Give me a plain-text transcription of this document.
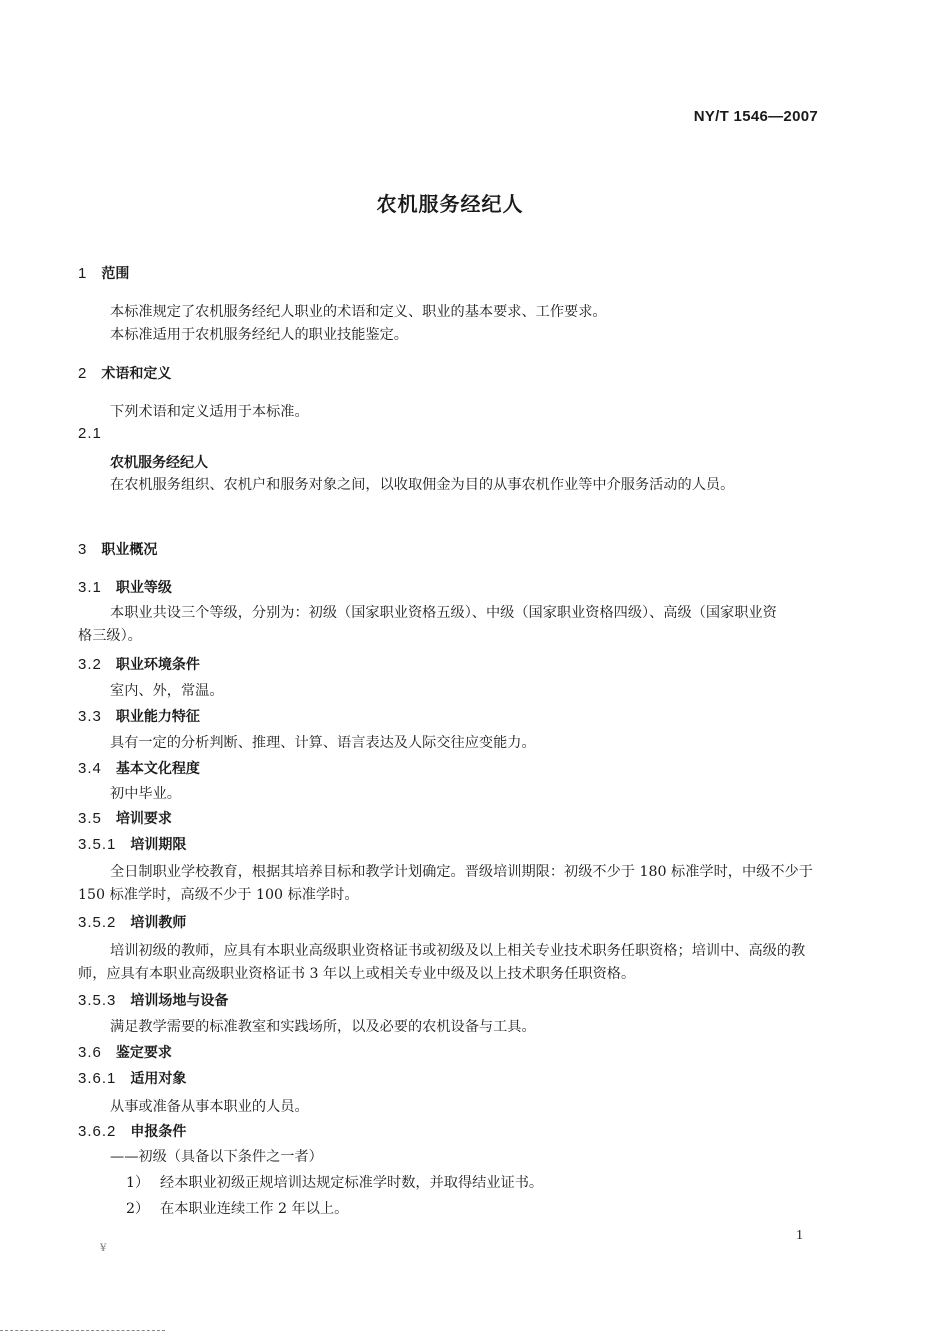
NY/T 1546—2007
农机服务经纪人
1 范围
本标准规定了农机服务经纪人职业的术语和定义、职业的基本要求、工作要求。
本标准适用于农机服务经纪人的职业技能鉴定。
2 术语和定义
下列术语和定义适用于本标准。
2.1
农机服务经纪人
在农机服务组织、农机户和服务对象之间，以收取佣金为目的从事农机作业等中介服务活动的人员。
3 职业概况
3.1 职业等级
本职业共设三个等级，分别为：初级（国家职业资格五级）、中级（国家职业资格四级）、高级（国家职业资格三级）。
3.2 职业环境条件
室内、外，常温。
3.3 职业能力特征
具有一定的分析判断、推理、计算、语言表达及人际交往应变能力。
3.4 基本文化程度
初中毕业。
3.5 培训要求
3.5.1 培训期限
全日制职业学校教育，根据其培养目标和教学计划确定。晋级培训期限：初级不少于 180 标准学时，中级不少于 150 标准学时，高级不少于 100 标准学时。
3.5.2 培训教师
培训初级的教师，应具有本职业高级职业资格证书或初级及以上相关专业技术职务任职资格；培训中、高级的教师，应具有本职业高级职业资格证书 3 年以上或相关专业中级及以上技术职务任职资格。
3.5.3 培训场地与设备
满足教学需要的标准教室和实践场所，以及必要的农机设备与工具。
3.6 鉴定要求
3.6.1 适用对象
从事或准备从事本职业的人员。
3.6.2 申报条件
——初级（具备以下条件之一者）
1） 经本职业初级正规培训达规定标准学时数，并取得结业证书。
2） 在本职业连续工作 2 年以上。
1
¥
